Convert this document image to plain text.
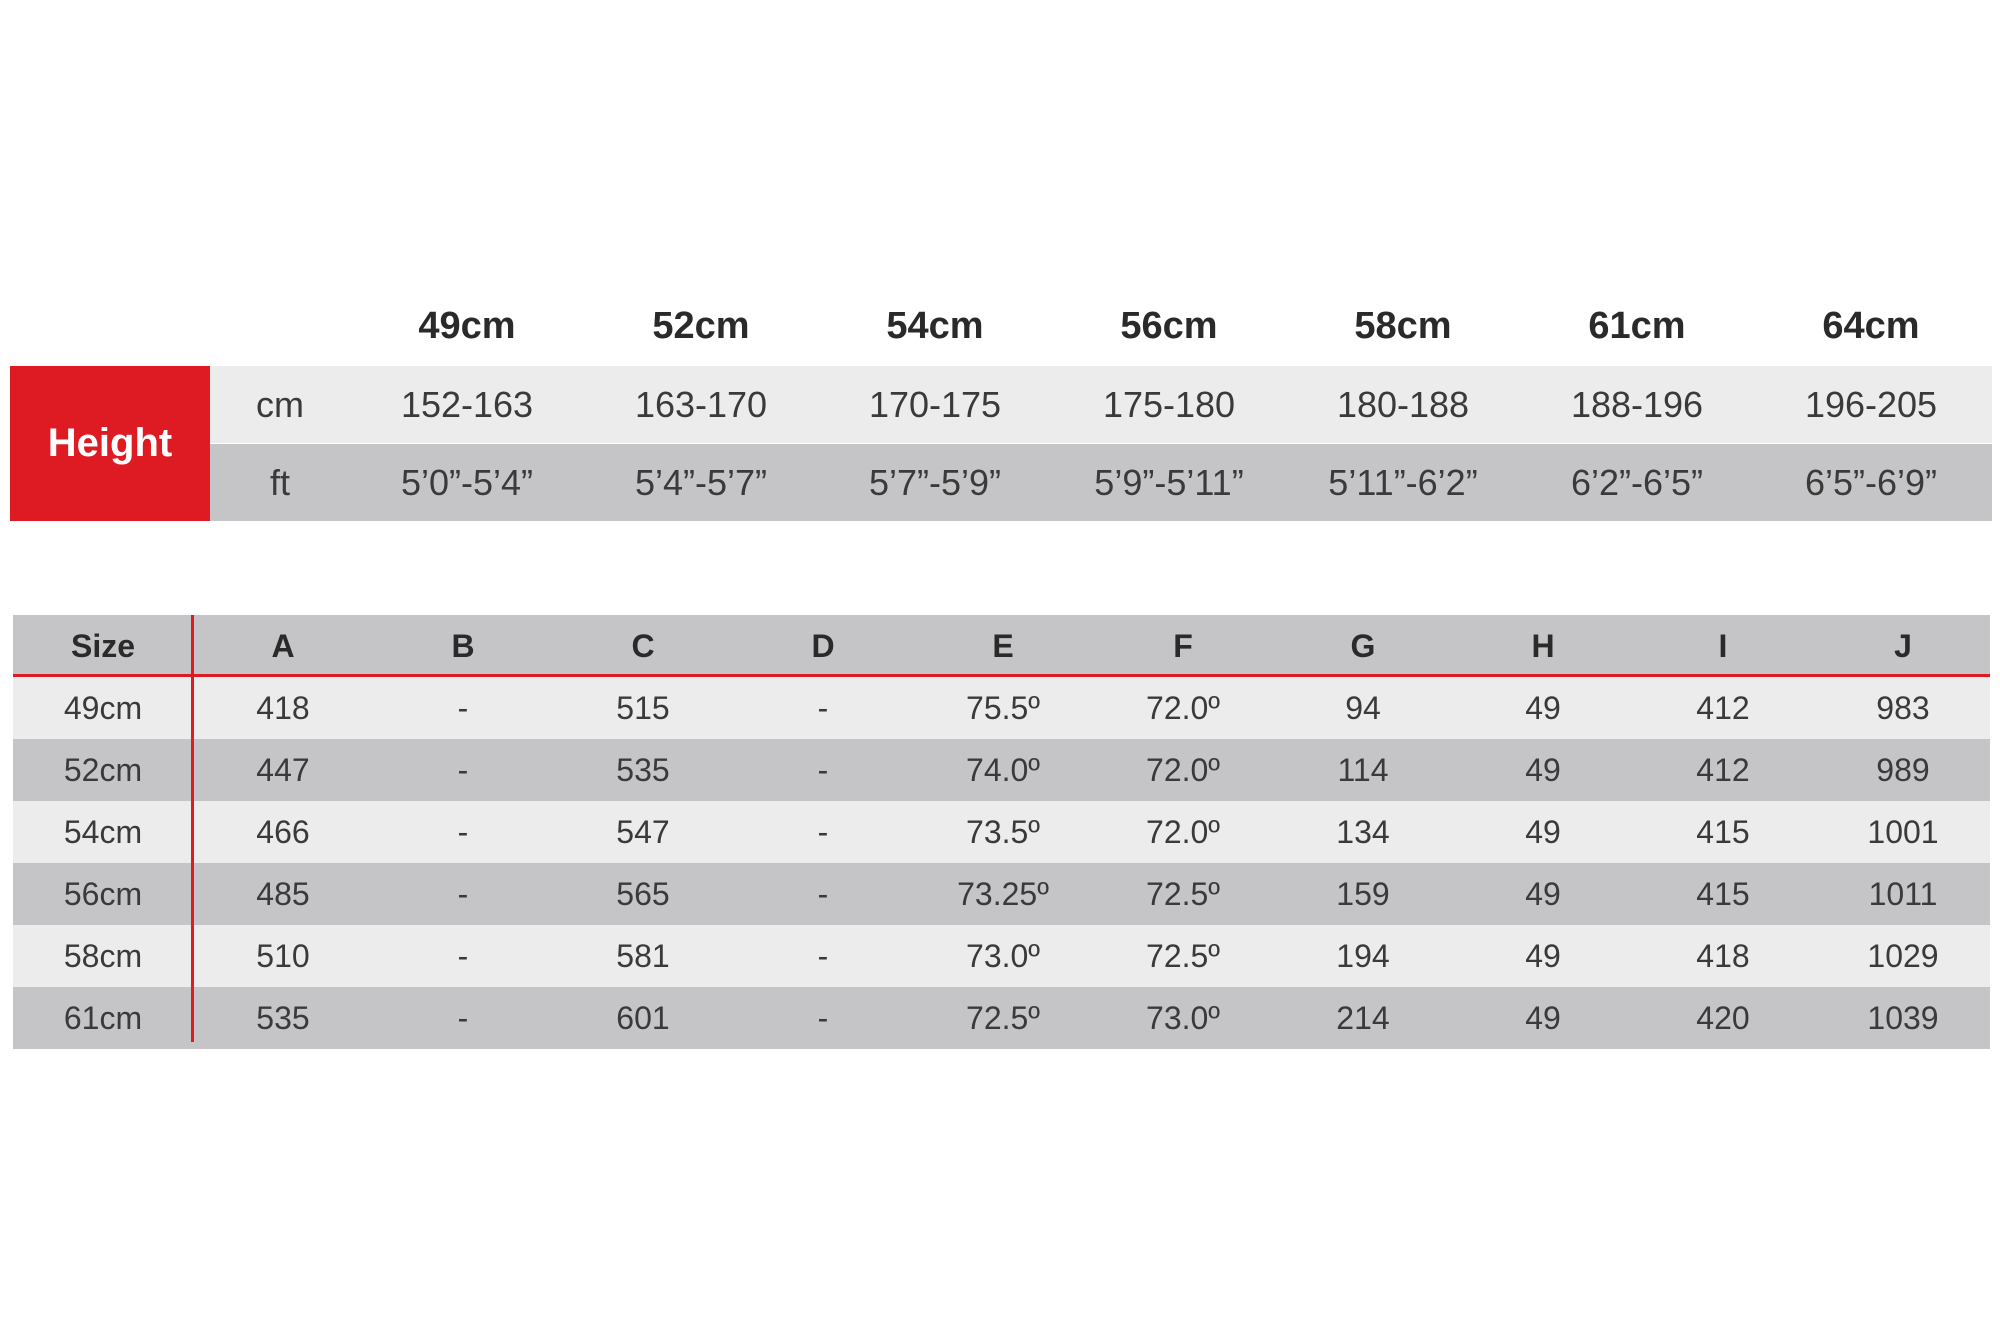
49cm	52cm	54cm	56cm	58cm	61cm	64cm
Height
cm	152-163	163-170	170-175	175-180	180-188	188-196	196-205
ft	5’0”-5’4”	5’4”-5’7”	5’7”-5’9”	5’9”-5’11”	5’11”-6’2”	6’2”-6’5”	6’5”-6’9”
Size	A	B	C	D	E	F	G	H	I	J
49cm	418	-	515	-	75.5º	72.0º	94	49	412	983
52cm	447	-	535	-	74.0º	72.0º	114	49	412	989
54cm	466	-	547	-	73.5º	72.0º	134	49	415	1001
56cm	485	-	565	-	73.25º	72.5º	159	49	415	1011
58cm	510	-	581	-	73.0º	72.5º	194	49	418	1029
61cm	535	-	601	-	72.5º	73.0º	214	49	420	1039
